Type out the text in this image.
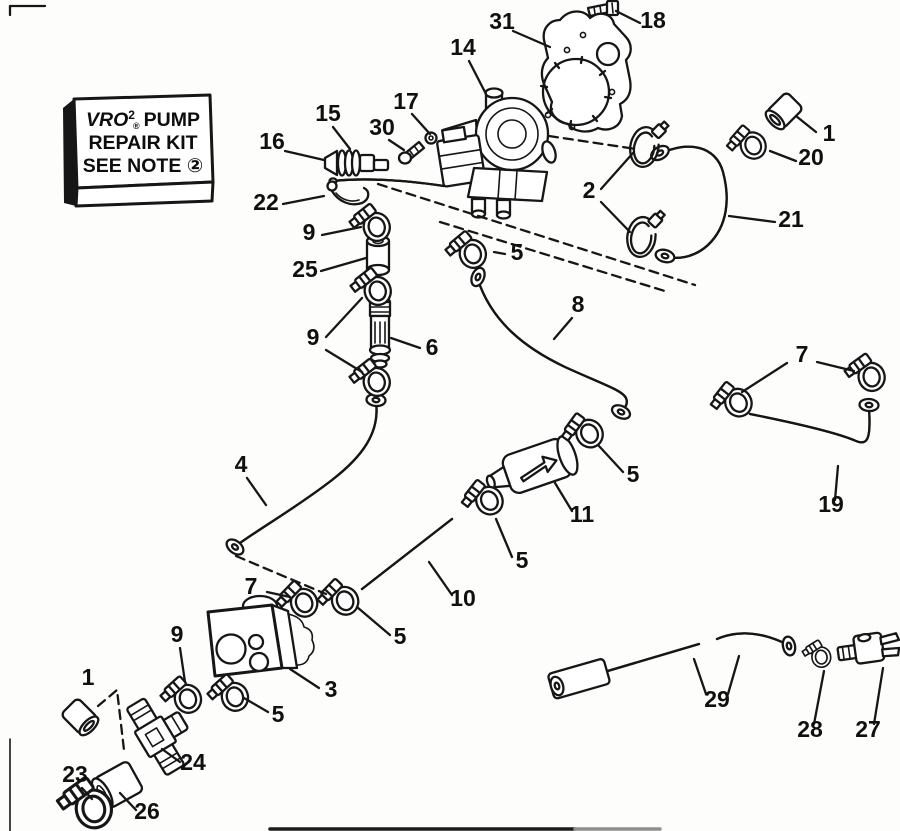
VRO$^2$ ® PUMP
REPAIR KIT
SEE NOTE ②
31	18
14
17
15
30
16	1
20
22	2
21
9
5
25
8
9	6	7
5
4
19
11
5
7	10
5
9
3
1
5
23	24
26
29
28 27
